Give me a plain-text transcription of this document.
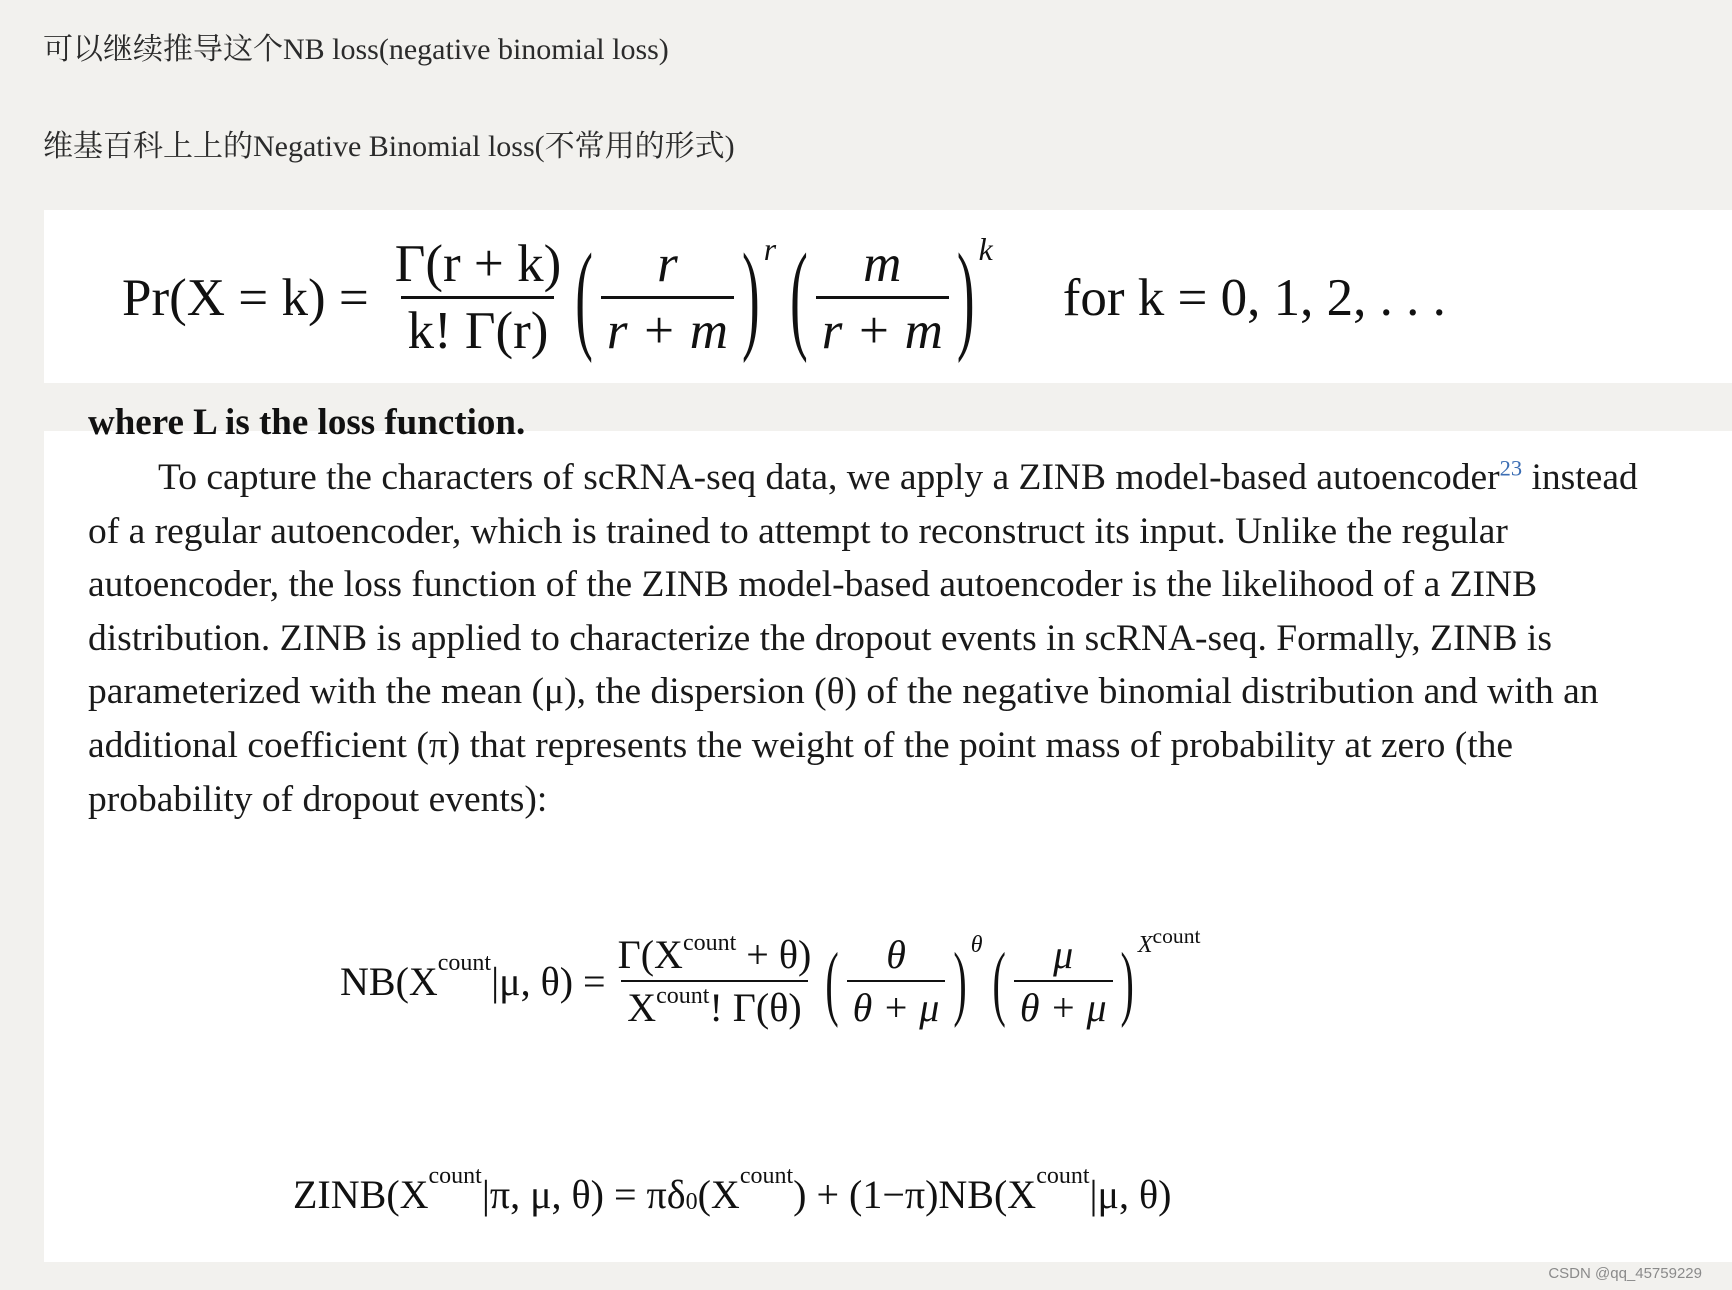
可以继续推导这个NB loss(negative binomial loss)
维基百科上上的Negative Binomial loss(不常用的形式)
$Pr(X = k) = \frac{\Gamma(r + k)}{k! \Gamma(r)}$ ( $\frac{r}{r + m}$ ) r ( $\frac{m}{r + m}$ ) k
for k = 0, 1, 2, . . .
where L is the loss function.
To capture the characters of scRNA-seq data, we apply a ZINB model-based autoencoder$^{23}$ instead of a regular autoencoder, which is trained to attempt to reconstruct its input. Unlike the regular autoencoder, the loss function of the ZINB model-based autoencoder is the likelihood of a ZINB distribution. ZINB is applied to characterize the dropout events in scRNA-seq. Formally, ZINB is parameterized with the mean (μ), the dispersion (θ) of the negative binomial distribution and with an additional coefficient (π) that represents the weight of the point mass of probability at zero (the probability of dropout events):
NB(X count |μ, $\theta) = \frac{\Gamma(X^{count} + \theta)}{X^{count}! \Gamma(\theta)}$ ( $\frac{\theta}{\theta + \mu}$ ) θ ( $\frac{\mu}{\theta + \mu}$ ) Xcount
ZINB(X count |π, μ, θ) = πδ 0 (X count ) + (1−π)NB(X count |μ, θ)
CSDN @qq_45759229
